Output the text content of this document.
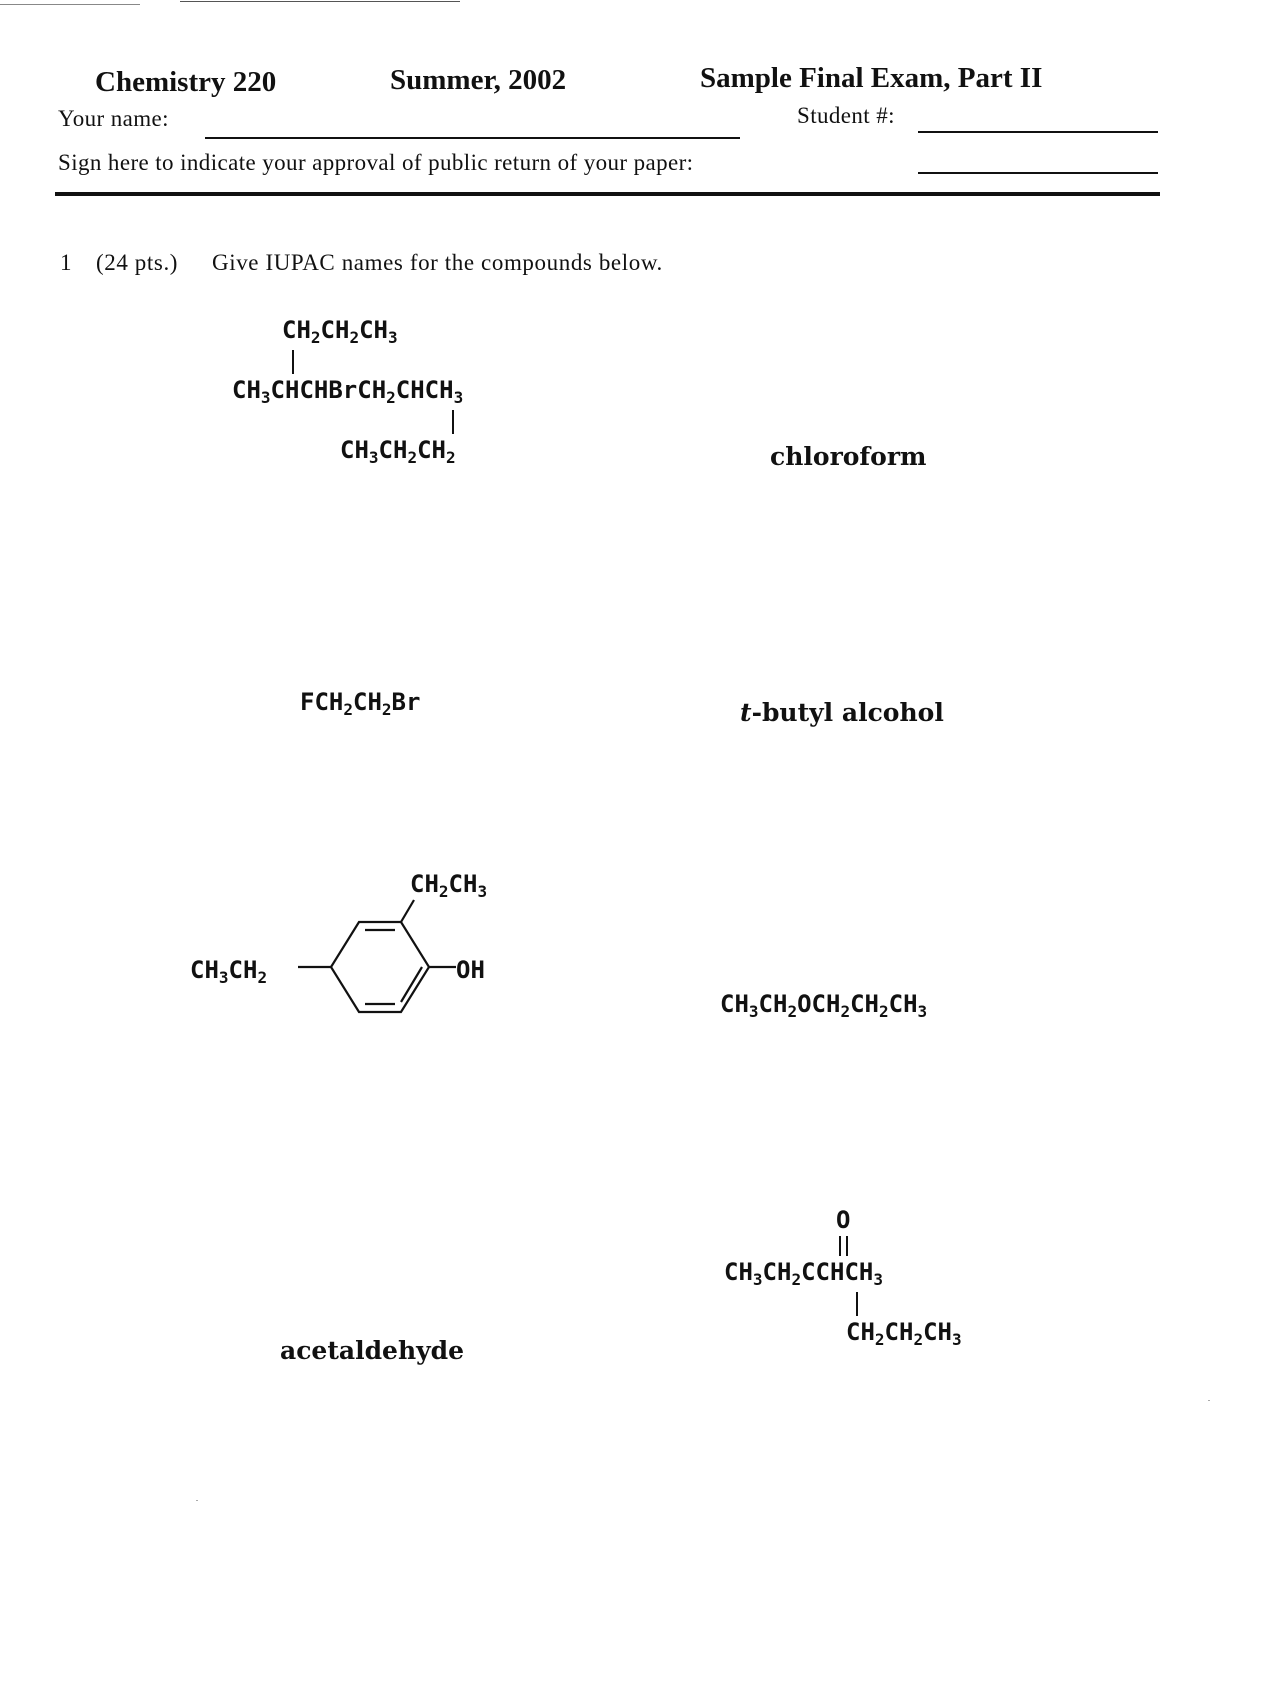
Chemistry 220	Summer, 2002	Sample Final Exam, Part II
Your name:	Student #:
Sign here to indicate your approval of public return of your paper:
1 (24 pts.) Give IUPAC names for the compounds below.
$CH_2CH_2CH_3$
$CH_3CHCHBrCH_2CHCH_3$
$CH_3CH_2CH_2$	chloroform
$FCH_2CH_2Br$	t-butyl alcohol
$CH_2CH_3$
$CH_3CH_2$	OH
$CH_3CH_2OCH_2CH_2CH_3$
acetaldehyde
O
$CH_3CH_2CCHCH_3$
$CH_2CH_2CH_3$
